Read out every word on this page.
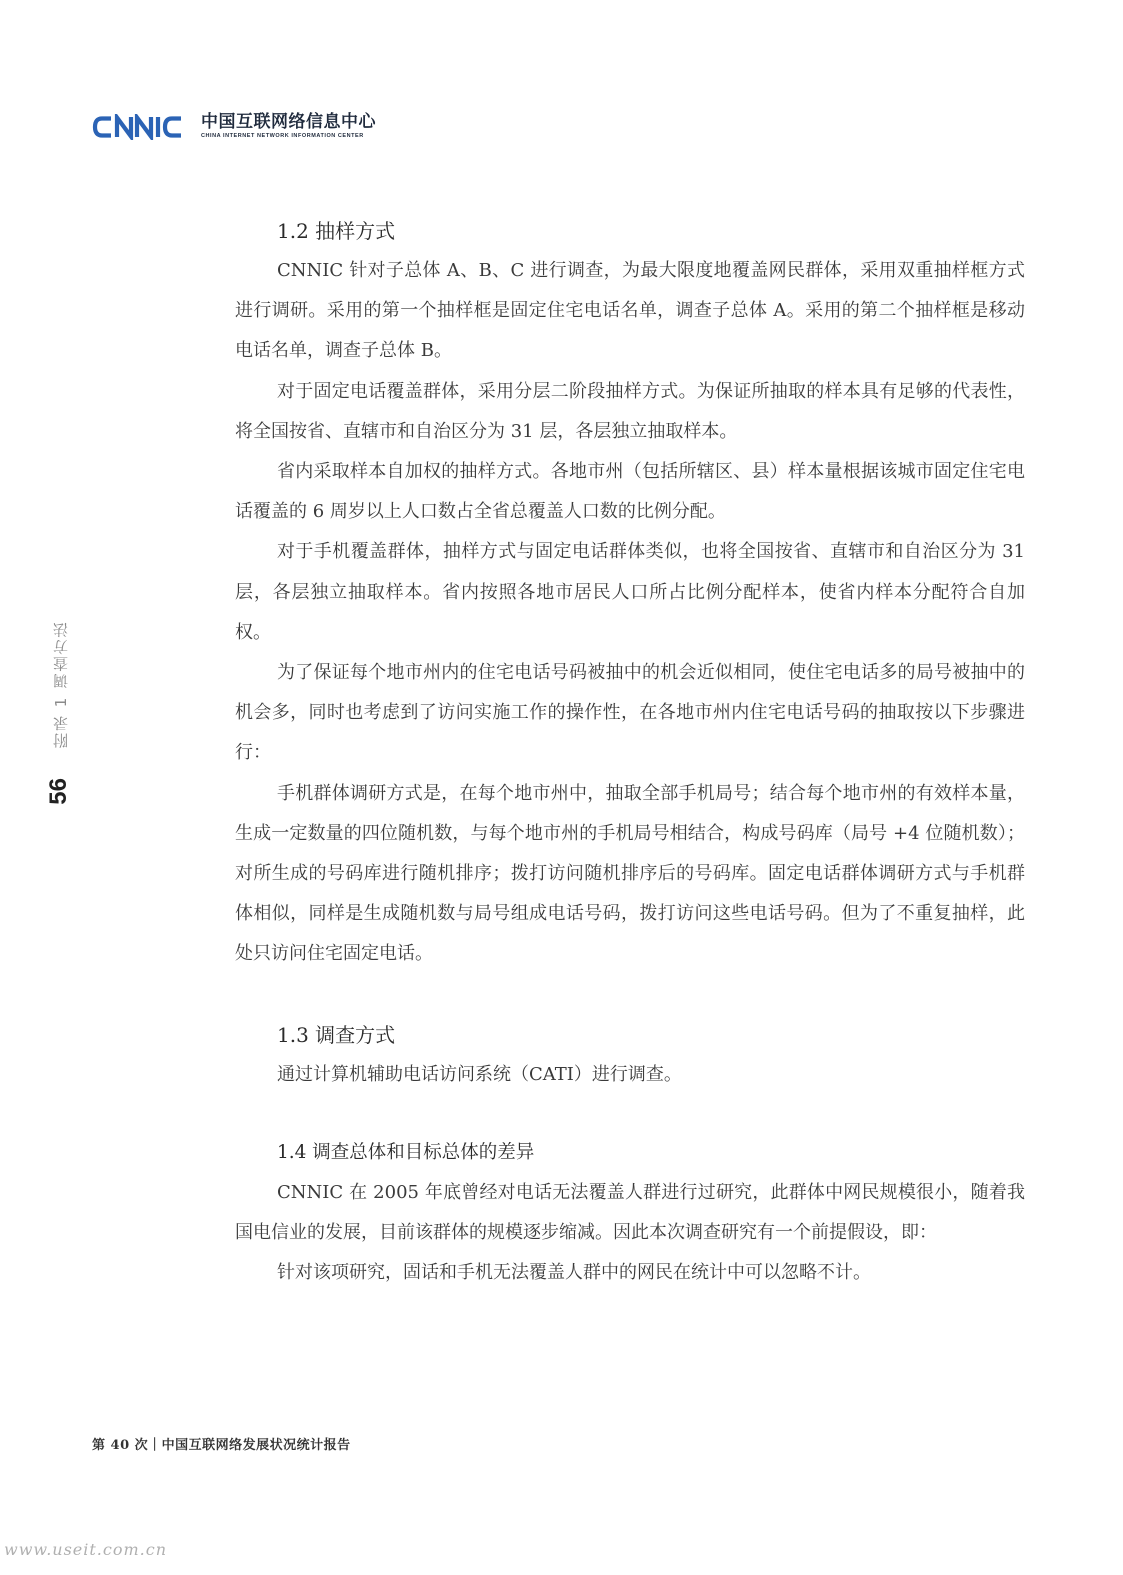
中国互联网络信息中心
CHINA INTERNET NETWORK INFORMATION CENTER
附录 1 调查方法
56
1.2 抽样方式

CNNIC 针对子总体 A、B、C 进行调查，为最大限度地覆盖网民群体，采用双重抽样框方式进行调研。采用的第一个抽样框是固定住宅电话名单，调查子总体 A。采用的第二个抽样框是移动电话名单，调查子总体 B。

对于固定电话覆盖群体，采用分层二阶段抽样方式。为保证所抽取的样本具有足够的代表性，将全国按省、直辖市和自治区分为 31 层，各层独立抽取样本。

省内采取样本自加权的抽样方式。各地市州（包括所辖区、县）样本量根据该城市固定住宅电话覆盖的 6 周岁以上人口数占全省总覆盖人口数的比例分配。

对于手机覆盖群体，抽样方式与固定电话群体类似，也将全国按省、直辖市和自治区分为 31 层，各层独立抽取样本。省内按照各地市居民人口所占比例分配样本，使省内样本分配符合自加权。

为了保证每个地市州内的住宅电话号码被抽中的机会近似相同，使住宅电话多的局号被抽中的机会多，同时也考虑到了访问实施工作的操作性，在各地市州内住宅电话号码的抽取按以下步骤进行：

手机群体调研方式是，在每个地市州中，抽取全部手机局号；结合每个地市州的有效样本量，生成一定数量的四位随机数，与每个地市州的手机局号相结合，构成号码库（局号 +4 位随机数）；对所生成的号码库进行随机排序；拨打访问随机排序后的号码库。固定电话群体调研方式与手机群体相似，同样是生成随机数与局号组成电话号码，拨打访问这些电话号码。但为了不重复抽样，此处只访问住宅固定电话。

1.3 调查方式

通过计算机辅助电话访问系统（CATI）进行调查。

1.4 调查总体和目标总体的差异

CNNIC 在 2005 年底曾经对电话无法覆盖人群进行过研究，此群体中网民规模很小，随着我国电信业的发展，目前该群体的规模逐步缩减。因此本次调查研究有一个前提假设，即：

针对该项研究，固话和手机无法覆盖人群中的网民在统计中可以忽略不计。

第 40 次｜中国互联网络发展状况统计报告
www.useit.com.cn
